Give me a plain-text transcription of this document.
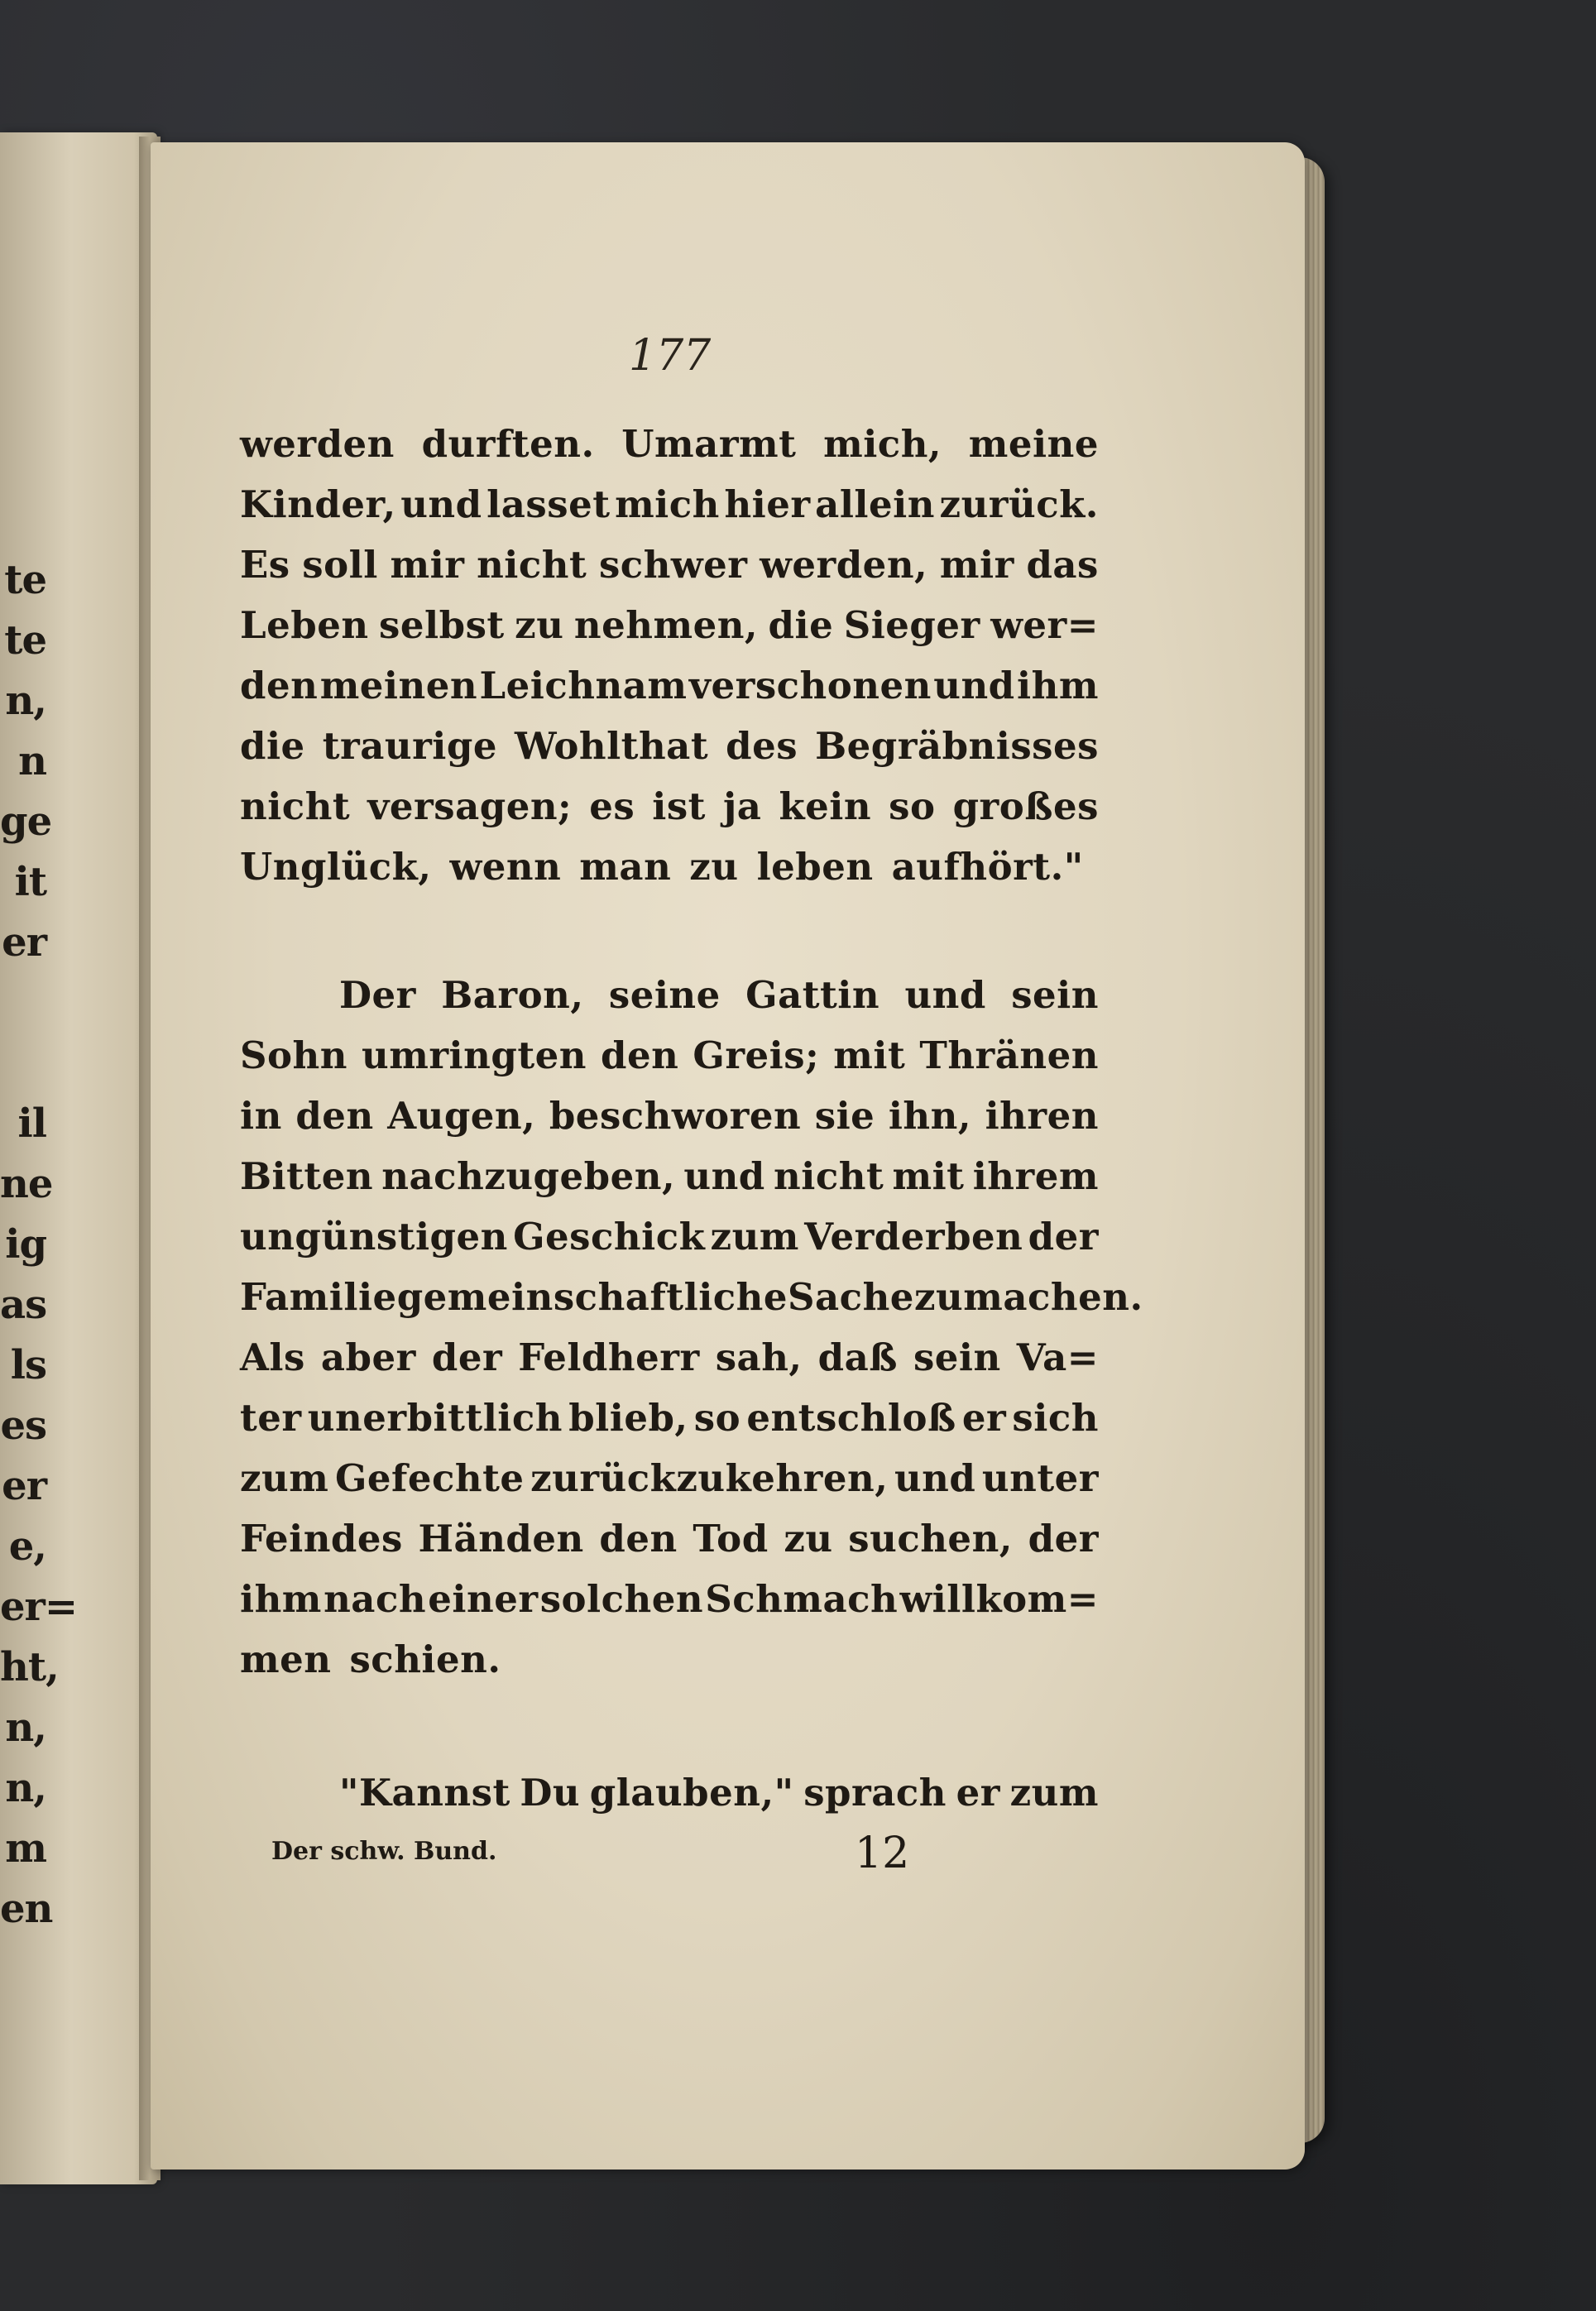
te
te
n,
n
ge
it
er
il
ne
ig
as
ls
es
er
e,
er=
ht,
n,
n,
m
en
177
werden durften. Umarmt mich, meine
Kinder, und lasset mich hier allein zurück.
Es soll mir nicht schwer werden, mir das
Leben selbst zu nehmen, die Sieger wer=
den meinen Leichnam verschonen und ihm
die traurige Wohlthat des Begräbnisses
nicht versagen; es ist ja kein so großes
Unglück, wenn man zu leben aufhört."
Der Baron, seine Gattin und sein
Sohn umringten den Greis; mit Thränen
in den Augen, beschworen sie ihn, ihren
Bitten nachzugeben, und nicht mit ihrem
ungünstigen Geschick zum Verderben der
Familie gemeinschaftliche Sache zu machen.
Als aber der Feldherr sah, daß sein Va=
ter unerbittlich blieb, so entschloß er sich
zum Gefechte zurückzukehren, und unter
Feindes Händen den Tod zu suchen, der
ihm nach einer solchen Schmach willkom=
men schien.
"Kannst Du glauben," sprach er zum
Der schw. Bund.	12
